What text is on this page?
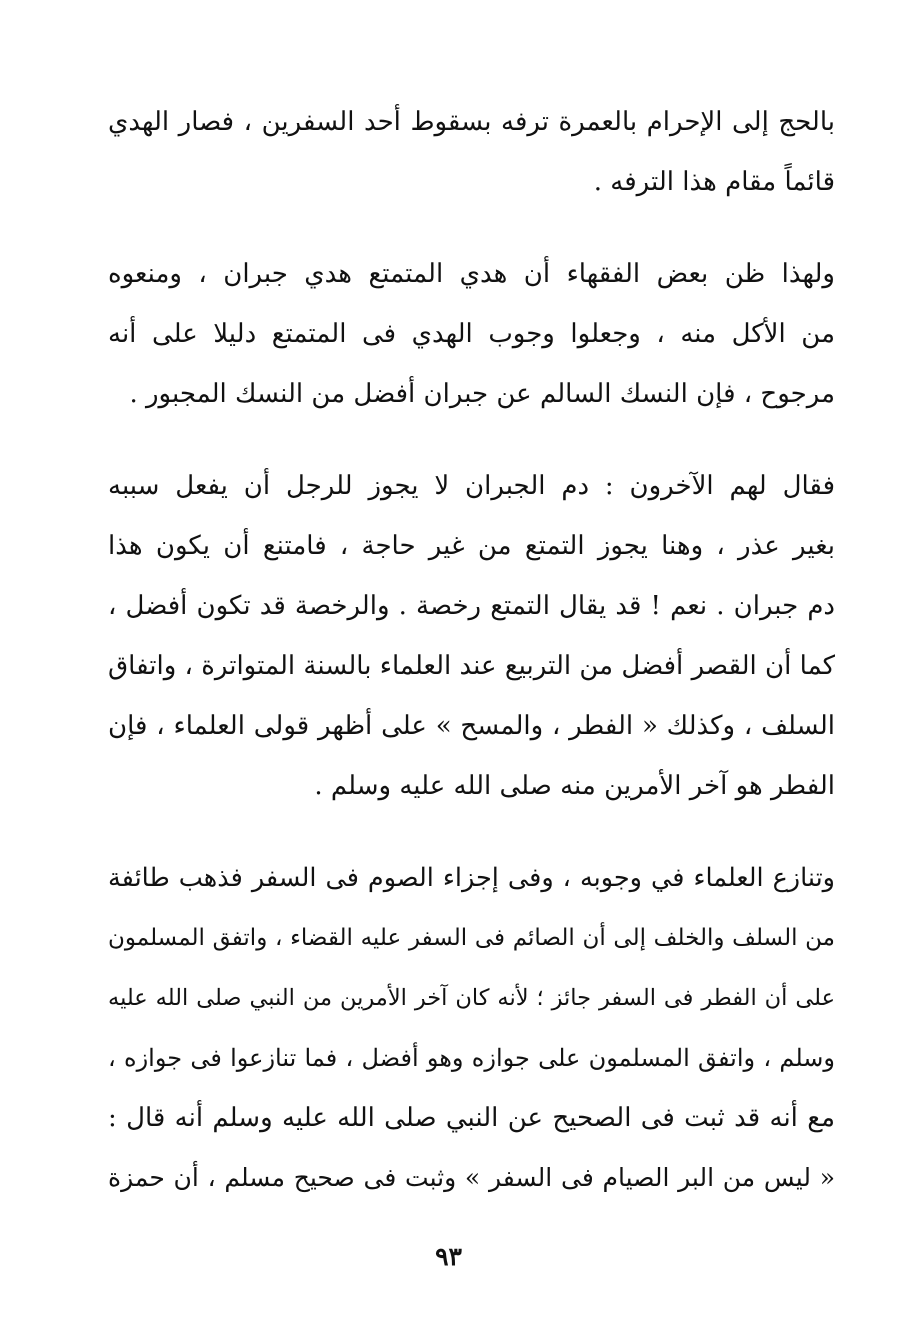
بالحج إلى الإحرام بالعمرة ترفه بسقوط أحد السفرين ، فصار الهدي
قائماً مقام هذا الترفه .
ولهذا ظن بعض الفقهاء أن هدي المتمتع هدي جبران ، ومنعوه
من الأكل منه ، وجعلوا وجوب الهدي فى المتمتع دليلا على أنه
مرجوح ، فإن النسك السالم عن جبران أفضل من النسك المجبور .
فقال لهم الآخرون : دم الجبران لا يجوز للرجل أن يفعل سببه
بغير عذر ، وهنا يجوز التمتع من غير حاجة ، فامتنع أن يكون هذا
دم جبران . نعم ! قد يقال التمتع رخصة . والرخصة قد تكون أفضل ،
كما أن القصر أفضل من التربيع عند العلماء بالسنة المتواترة ، واتفاق
السلف ، وكذلك « الفطر ، والمسح » على أظهر قولى العلماء ، فإن
الفطر هو آخر الأمرين منه صلى الله عليه وسلم .
وتنازع العلماء في وجوبه ، وفى إجزاء الصوم فى السفر فذهب طائفة
من السلف والخلف إلى أن الصائم فى السفر عليه القضاء ، واتفق المسلمون
على أن الفطر فى السفر جائز ؛ لأنه كان آخر الأمرين من النبي صلى الله عليه
وسلم ، واتفق المسلمون على جوازه وهو أفضل ، فما تنازعوا فى جوازه ،
مع أنه قد ثبت فى الصحيح عن النبي صلى الله عليه وسلم أنه قال :
« ليس من البر الصيام فى السفر » وثبت فى صحيح مسلم ، أن حمزة
٩٣
